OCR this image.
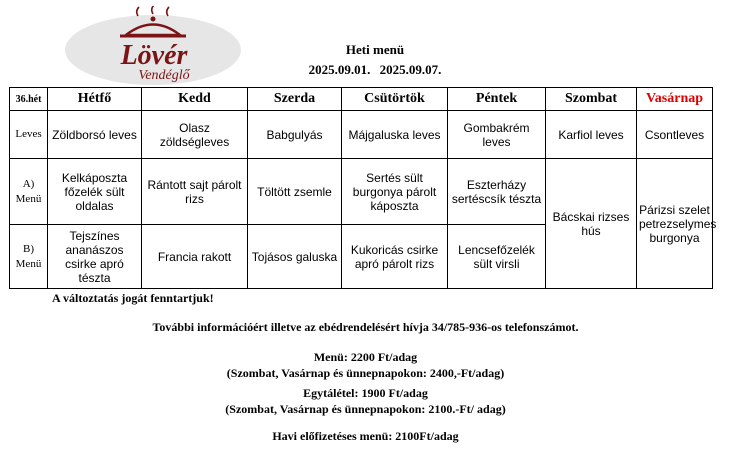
Lövér
Vendéglő
Heti menü
2025.09.01. 2025.09.07.
36.hét	Hétfő	Kedd	Szerda	Csütörtök	Péntek	Szombat	Vasárnap
Leves	Zöldborsó leves	Olasz zöldségleves	Babgulyás	Májgaluska leves	Gombakrém leves	Karfiol leves	Csontleves

A)
Menü	Kelkáposzta főzelék sült oldalas	Rántott sajt párolt rizs	Töltött zsemle	Sertés sült burgonya párolt káposzta	Eszterházy sertéscsík tészta	Bácskai rizses hús	Párizsi szelet petrezselymes burgonya

B)
Menü	Tejszínes ananászos csirke apró tészta	Francia rakott	Tojásos galuska	Kukoricás csirke apró párolt rizs	Lencsefőzelék sült virsli		
A változtatás jogát fenntartjuk!
További információért illetve az ebédrendelésért hívja 34/785-936-os telefonszámot.
Menü: 2200 Ft/adag
(Szombat, Vasárnap és ünnepnapokon: 2400,-Ft/adag)
Egytálétel: 1900 Ft/adag
(Szombat, Vasárnap és ünnepnapokon: 2100.-Ft/ adag)
Havi előfizetéses menü: 2100Ft/adag
